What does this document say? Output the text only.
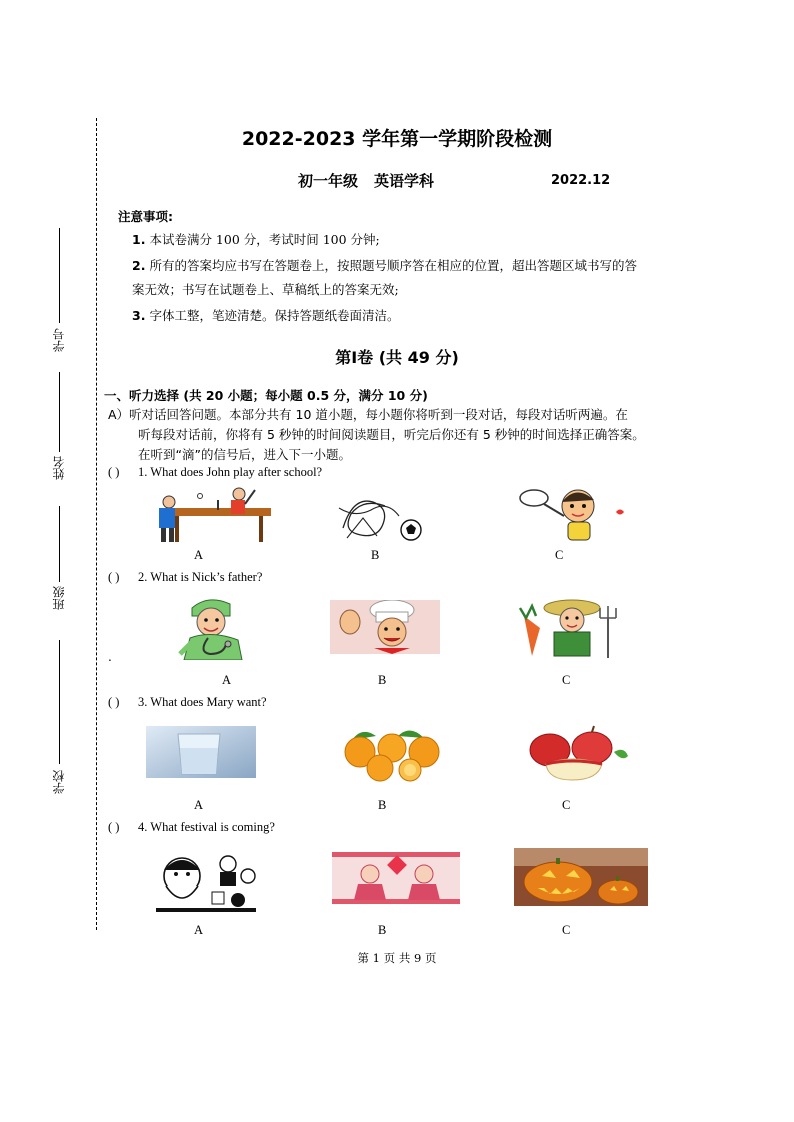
学号
姓名
班级
学校
2022-2023 学年第一学期阶段检测
初一年级 英语学科	2022.12
注意事项:
1. 本试卷满分 100 分，考试时间 100 分钟;
2. 所有的答案均应书写在答题卷上，按照题号顺序答在相应的位置，超出答题区域书写的答
案无效；书写在试题卷上、草稿纸上的答案无效;
3. 字体工整，笔迹清楚。保持答题纸卷面清洁。
第Ⅰ卷 (共 49 分)
一、听力选择 (共 20 小题；每小题 0.5 分，满分 10 分)
A）听对话回答问题。本部分共有 10 道小题，每小题你将听到一段对话，每段对话听两遍。在
听每段对话前，你将有 5 秒钟的时间阅读题目，听完后你还有 5 秒钟的时间选择正确答案。
在听到“滴”的信号后，进入下一小题。
( ) 1. What does John play after school?
A	B	C
( ) 2. What is Nick’s father?
.
A	B	C
( ) 3. What does Mary want?
A	B	C
( ) 4. What festival is coming?
A	B	C
第 1 页 共 9 页
